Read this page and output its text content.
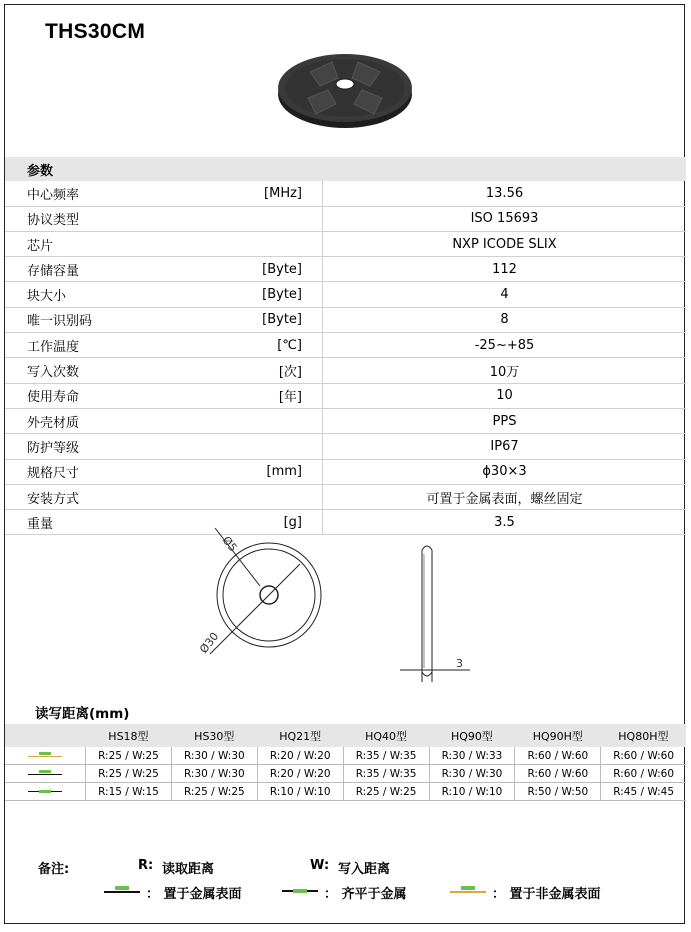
THS30CM
参数		
中心频率	[MHz]	13.56
协议类型		ISO 15693
芯片		NXP ICODE SLIX
存储容量	[Byte]	112
块大小	[Byte]	4
唯一识别码	[Byte]	8
工作温度	[℃]	-25~+85
写入次数	[次]	10万
使用寿命	[年]	10
外壳材质		PPS
防护等级		IP67
规格尺寸	[mm]	ϕ30×3
安装方式		可置于金属表面，螺丝固定
重量	[g]	3.5
Ø5
Ø30
3
读写距离(mm)
	HS18型	HS30型	HQ21型	HQ40型	HQ90型	HQ90H型	HQ80H型

	R:25 / W:25	R:30 / W:30	R:20 / W:20	R:35 / W:35	R:30 / W:33	R:60 / W:60	R:60 / W:60

	R:25 / W:25	R:30 / W:30	R:20 / W:20	R:35 / W:35	R:30 / W:30	R:60 / W:60	R:60 / W:60

	R:15 / W:15	R:25 / W:25	R:10 / W:10	R:25 / W:25	R:10 / W:10	R:50 / W:50	R:45 / W:45
备注:	R: 读取距离	W: 写入距离
： 置于金属表面	： 齐平于金属	： 置于非金属表面
